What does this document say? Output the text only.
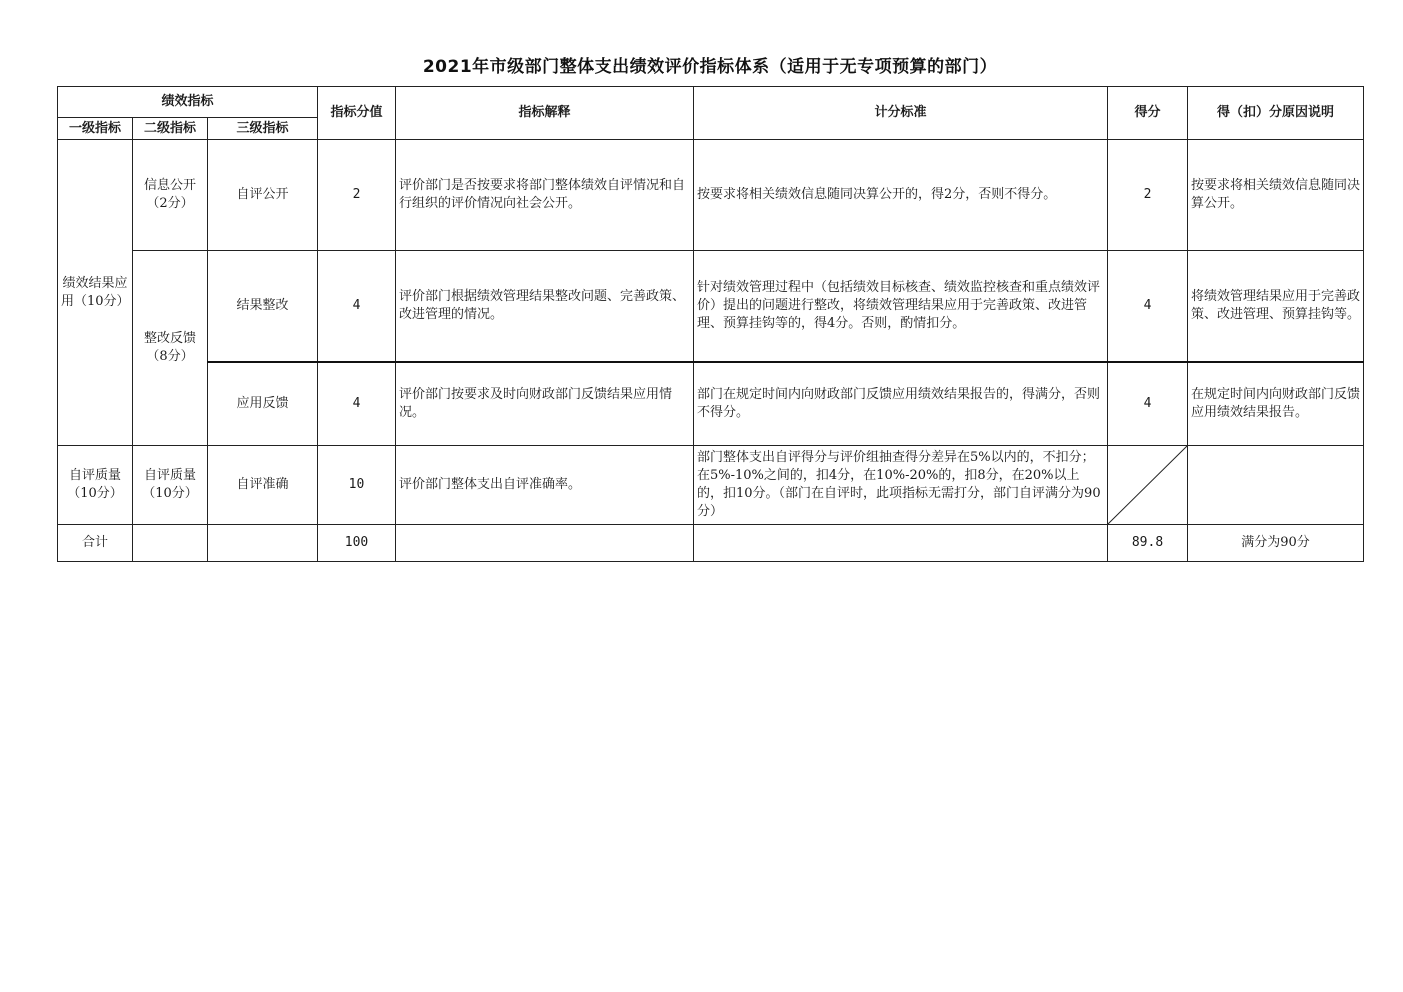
2021年市级部门整体支出绩效评价指标体系（适用于无专项预算的部门）
绩效指标			指标分值	指标解释	计分标准	得分	得（扣）分原因说明
一级指标	二级指标	三级指标					
绩效结果应用（10分）	信息公开（2分）	自评公开	2	评价部门是否按要求将部门整体绩效自评情况和自行组织的评价情况向社会公开。	按要求将相关绩效信息随同决算公开的，得2分，否则不得分。	2	按要求将相关绩效信息随同决算公开。
	整改反馈（8分）	结果整改	4	评价部门根据绩效管理结果整改问题、完善政策、改进管理的情况。	针对绩效管理过程中（包括绩效目标核查、绩效监控核查和重点绩效评价）提出的问题进行整改，将绩效管理结果应用于完善政策、改进管理、预算挂钩等的，得4分。否则，酌情扣分。	4	将绩效管理结果应用于完善政策、改进管理、预算挂钩等。
		应用反馈	4	评价部门按要求及时向财政部门反馈结果应用情况。	部门在规定时间内向财政部门反馈应用绩效结果报告的，得满分，否则不得分。	4	在规定时间内向财政部门反馈应用绩效结果报告。
自评质量（10分）	自评质量（10分）	自评准确	10	评价部门整体支出自评准确率。	部门整体支出自评得分与评价组抽查得分差异在5%以内的，不扣分；在5%-10%之间的，扣4分，在10%-20%的，扣8分，在20%以上的，扣10分。（部门在自评时，此项指标无需打分，部门自评满分为90分）	

合计			100			89.8	满分为90分
